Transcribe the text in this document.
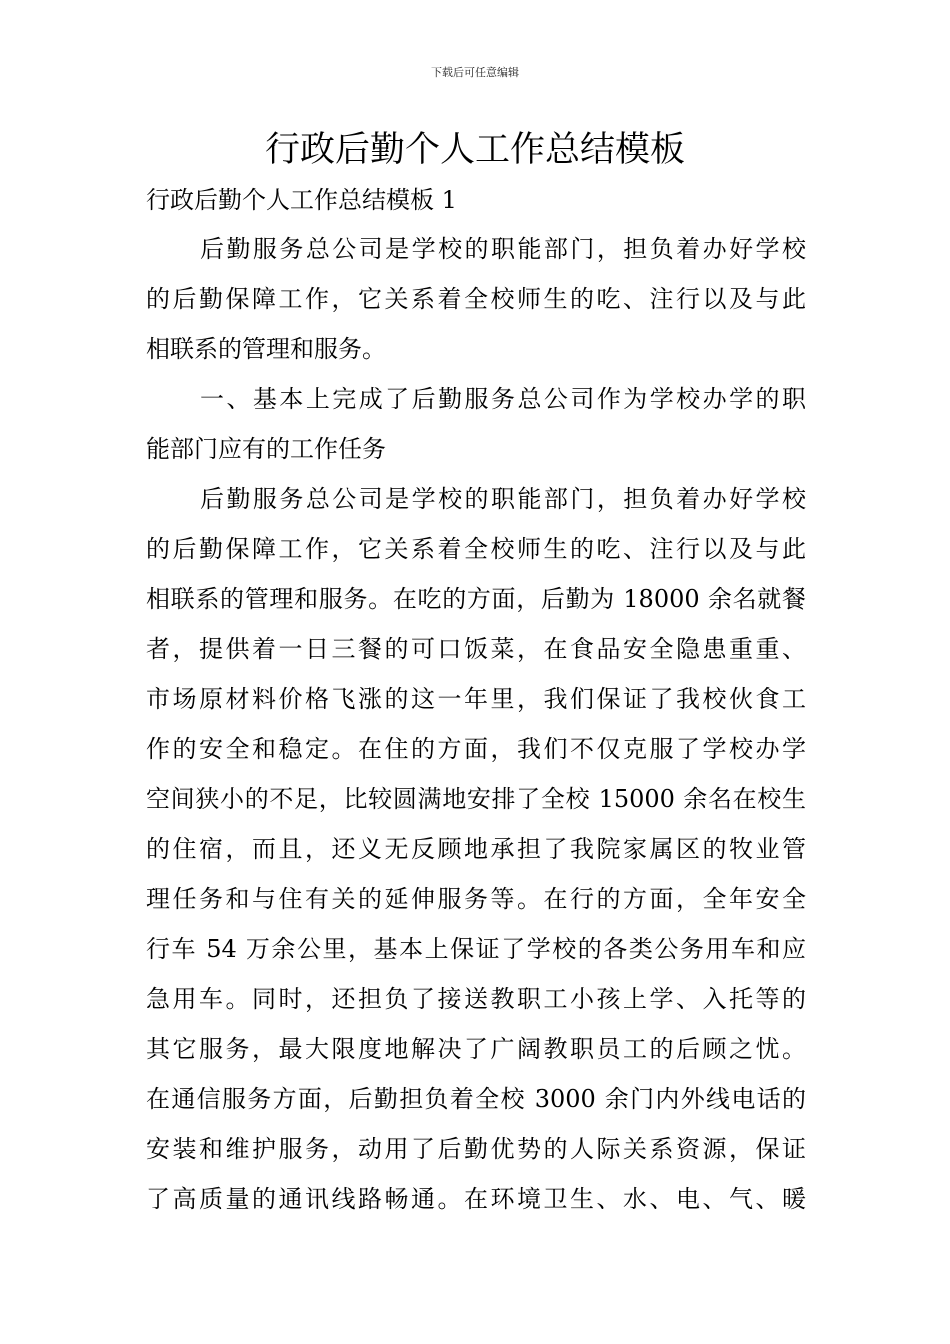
下载后可任意编辑
行政后勤个人工作总结模板
行政后勤个人工作总结模板 1
后勤服务总公司是学校的职能部门，担负着办好学校
的后勤保障工作，它关系着全校师生的吃、注行以及与此
相联系的管理和服务。
一、基本上完成了后勤服务总公司作为学校办学的职
能部门应有的工作任务
后勤服务总公司是学校的职能部门，担负着办好学校
的后勤保障工作，它关系着全校师生的吃、注行以及与此
相联系的管理和服务。在吃的方面，后勤为 18000 余名就餐
者，提供着一日三餐的可口饭菜，在食品安全隐患重重、
市场原材料价格飞涨的这一年里，我们保证了我校伙食工
作的安全和稳定。在住的方面，我们不仅克服了学校办学
空间狭小的不足，比较圆满地安排了全校 15000 余名在校生
的住宿，而且，还义无反顾地承担了我院家属区的牧业管
理任务和与住有关的延伸服务等。在行的方面，全年安全
行车 54 万余公里，基本上保证了学校的各类公务用车和应
急用车。同时，还担负了接送教职工小孩上学、入托等的
其它服务，最大限度地解决了广阔教职员工的后顾之忧。
在通信服务方面，后勤担负着全校 3000 余门内外线电话的
安装和维护服务，动用了后勤优势的人际关系资源，保证
了高质量的通讯线路畅通。在环境卫生、水、电、气、暖
